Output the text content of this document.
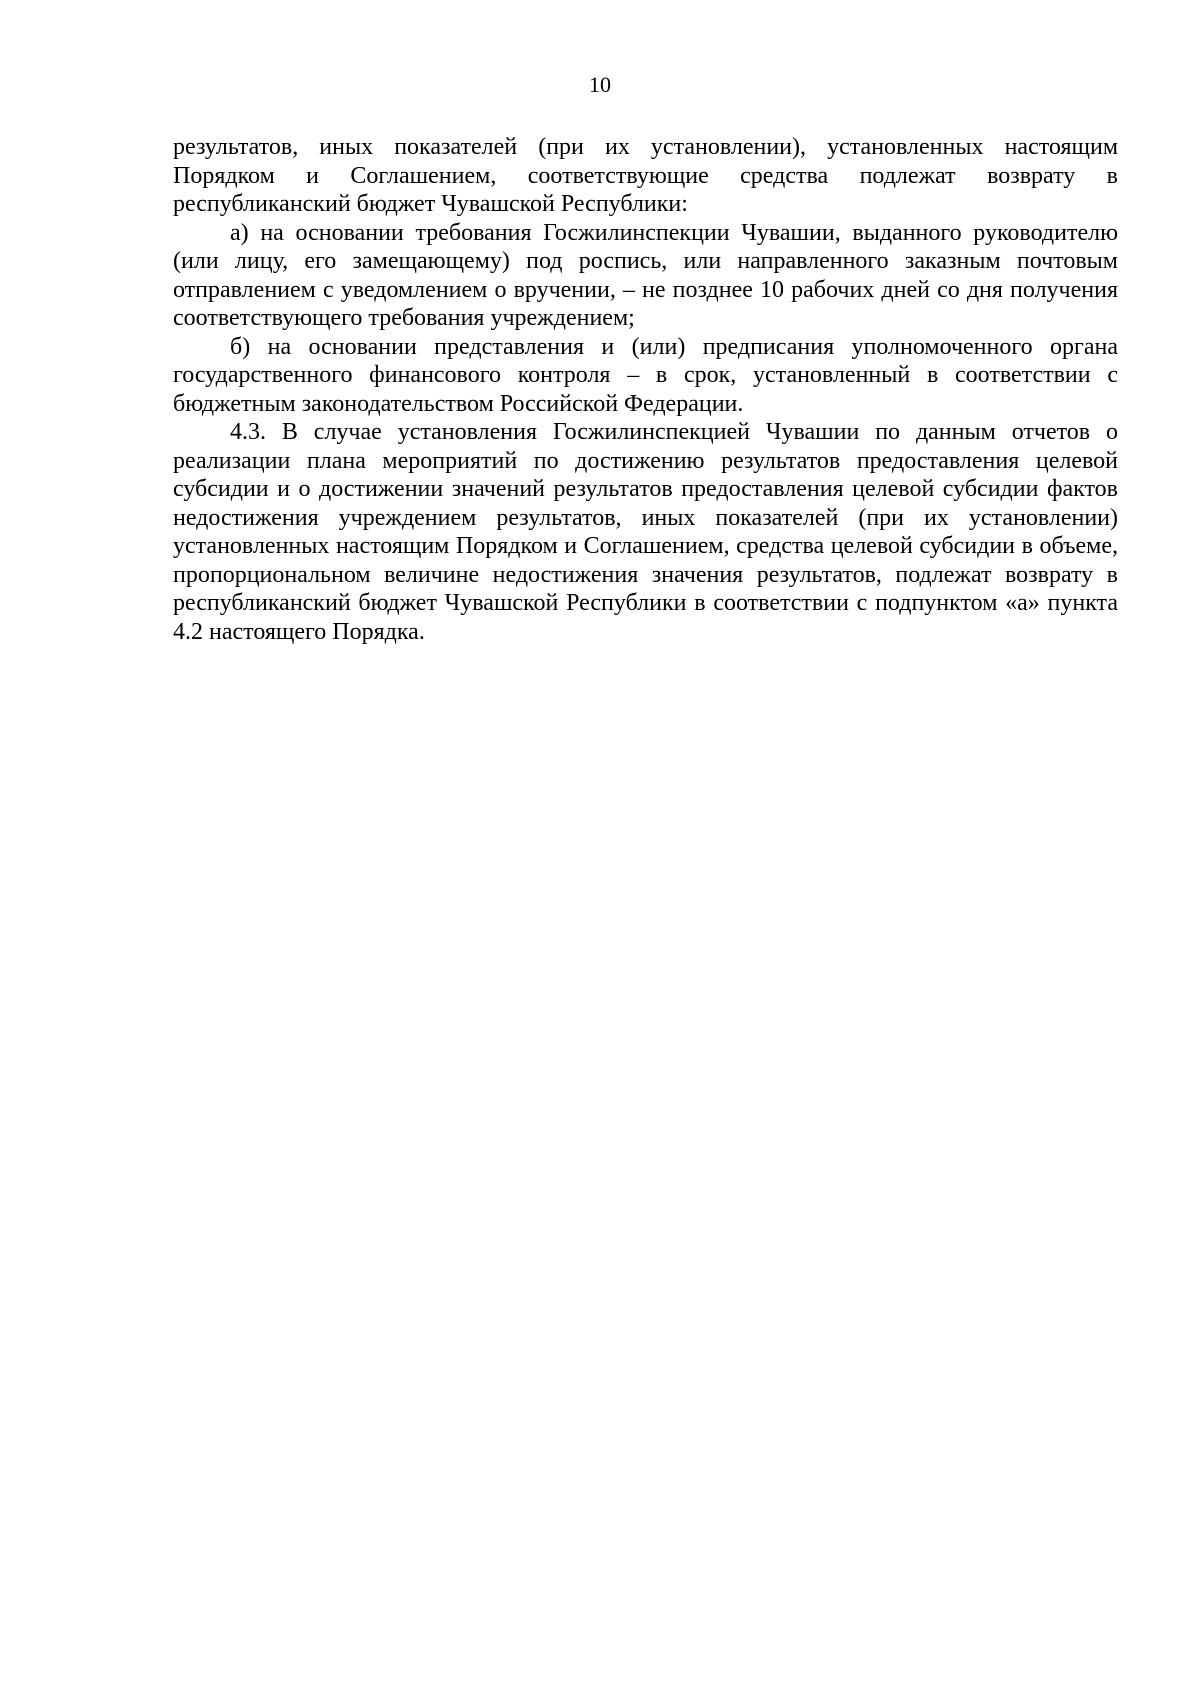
10

результатов, иных показателей (при их установлении), установленных настоящим Порядком и Соглашением, соответствующие средства подлежат возврату в республиканский бюджет Чувашской Республики:

а) на основании требования Госжилинспекции Чувашии, выданного руководителю (или лицу, его замещающему) под роспись, или направленного заказным почтовым отправлением с уведомлением о вручении, – не позднее 10 рабочих дней со дня получения соответствующего требования учреждением;

б) на основании представления и (или) предписания уполномоченного органа государственного финансового контроля – в срок, установленный в соответствии с бюджетным законодательством Российской Федерации.

4.3. В случае установления Госжилинспекцией Чувашии по данным отчетов о реализации плана мероприятий по достижению результатов предоставления целевой субсидии и о достижении значений результатов предоставления целевой субсидии фактов недостижения учреждением результатов, иных показателей (при их установлении) установленных настоящим Порядком и Соглашением, средства целевой субсидии в объеме, пропорциональном величине недостижения значения результатов, подлежат возврату в республиканский бюджет Чувашской Республики в соответствии с подпунктом «а» пункта 4.2 настоящего Порядка.
